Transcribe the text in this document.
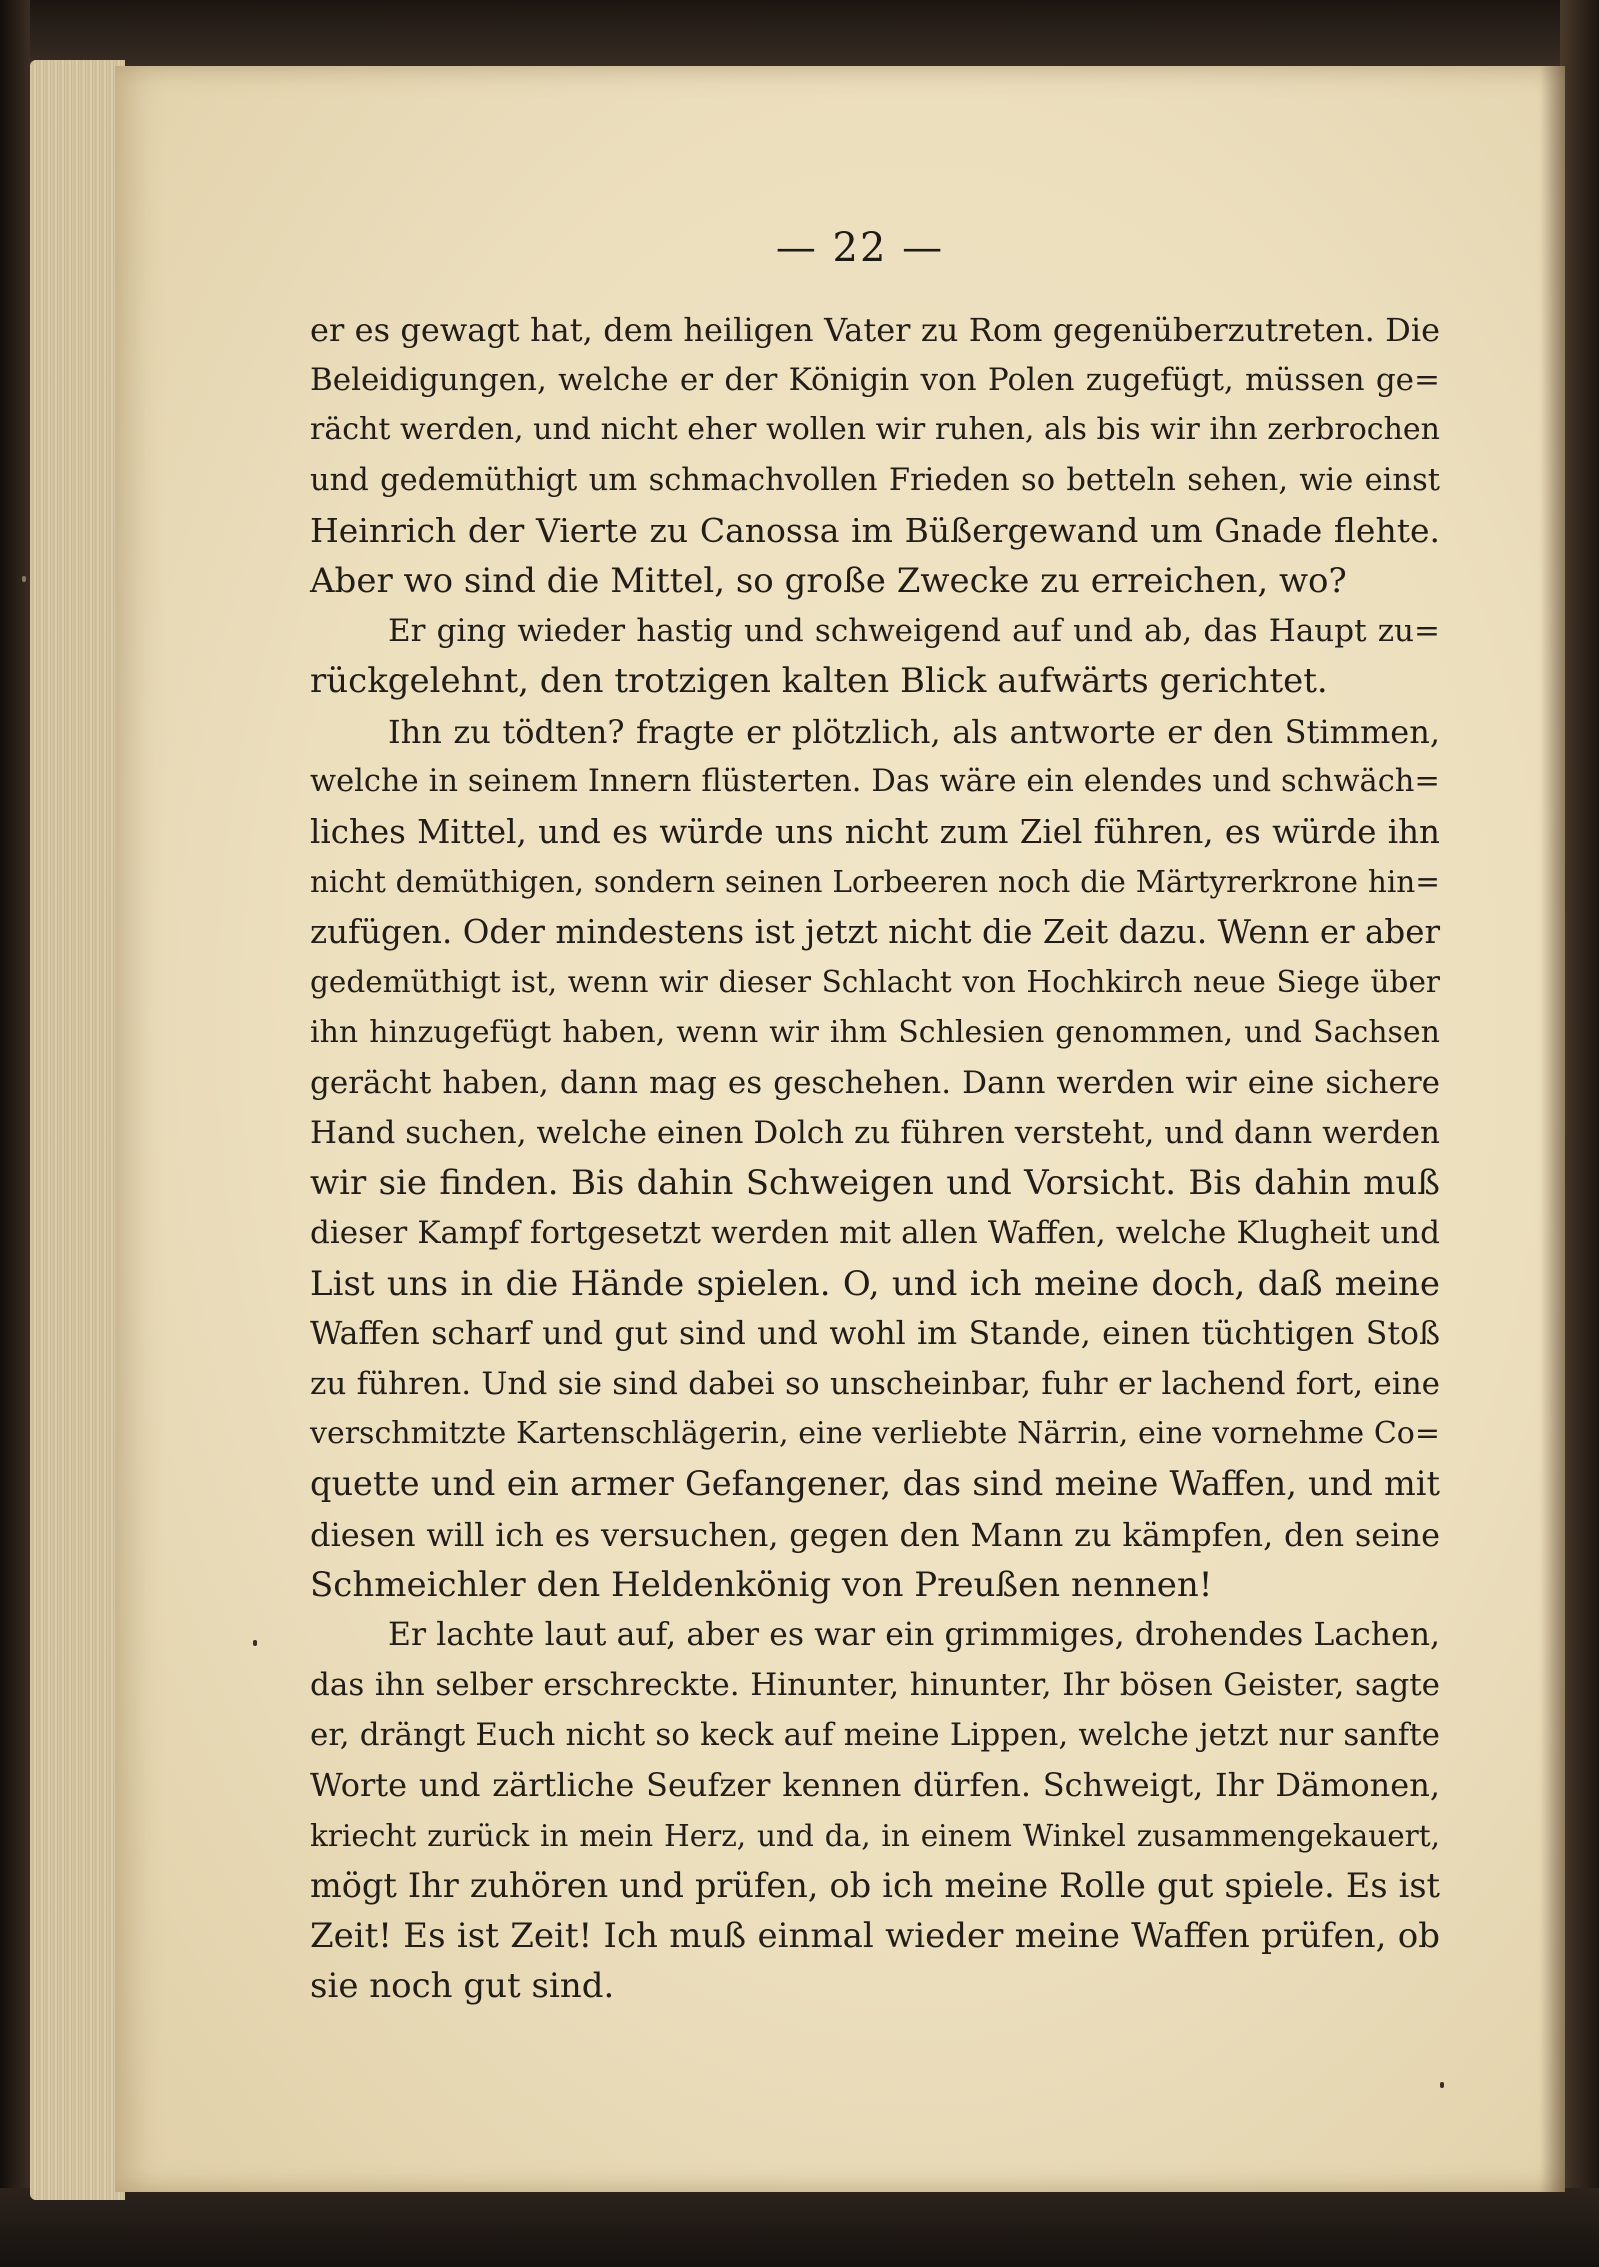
— 22 —
er es gewagt hat, dem heiligen Vater zu Rom gegenüberzutreten. Die
Beleidigungen, welche er der Königin von Polen zugefügt, müssen ge=
rächt werden, und nicht eher wollen wir ruhen, als bis wir ihn zerbrochen
und gedemüthigt um schmachvollen Frieden so betteln sehen, wie einst
Heinrich der Vierte zu Canossa im Büßergewand um Gnade flehte.
Aber wo sind die Mittel, so große Zwecke zu erreichen, wo?
Er ging wieder hastig und schweigend auf und ab, das Haupt zu=
rückgelehnt, den trotzigen kalten Blick aufwärts gerichtet.
Ihn zu tödten? fragte er plötzlich, als antworte er den Stimmen,
welche in seinem Innern flüsterten. Das wäre ein elendes und schwäch=
liches Mittel, und es würde uns nicht zum Ziel führen, es würde ihn
nicht demüthigen, sondern seinen Lorbeeren noch die Märtyrerkrone hin=
zufügen. Oder mindestens ist jetzt nicht die Zeit dazu. Wenn er aber
gedemüthigt ist, wenn wir dieser Schlacht von Hochkirch neue Siege über
ihn hinzugefügt haben, wenn wir ihm Schlesien genommen, und Sachsen
gerächt haben, dann mag es geschehen. Dann werden wir eine sichere
Hand suchen, welche einen Dolch zu führen versteht, und dann werden
wir sie finden. Bis dahin Schweigen und Vorsicht. Bis dahin muß
dieser Kampf fortgesetzt werden mit allen Waffen, welche Klugheit und
List uns in die Hände spielen. O, und ich meine doch, daß meine
Waffen scharf und gut sind und wohl im Stande, einen tüchtigen Stoß
zu führen. Und sie sind dabei so unscheinbar, fuhr er lachend fort, eine
verschmitzte Kartenschlägerin, eine verliebte Närrin, eine vornehme Co=
quette und ein armer Gefangener, das sind meine Waffen, und mit
diesen will ich es versuchen, gegen den Mann zu kämpfen, den seine
Schmeichler den Heldenkönig von Preußen nennen!
Er lachte laut auf, aber es war ein grimmiges, drohendes Lachen,
das ihn selber erschreckte. Hinunter, hinunter, Ihr bösen Geister, sagte
er, drängt Euch nicht so keck auf meine Lippen, welche jetzt nur sanfte
Worte und zärtliche Seufzer kennen dürfen. Schweigt, Ihr Dämonen,
kriecht zurück in mein Herz, und da, in einem Winkel zusammengekauert,
mögt Ihr zuhören und prüfen, ob ich meine Rolle gut spiele. Es ist
Zeit! Es ist Zeit! Ich muß einmal wieder meine Waffen prüfen, ob
sie noch gut sind.
